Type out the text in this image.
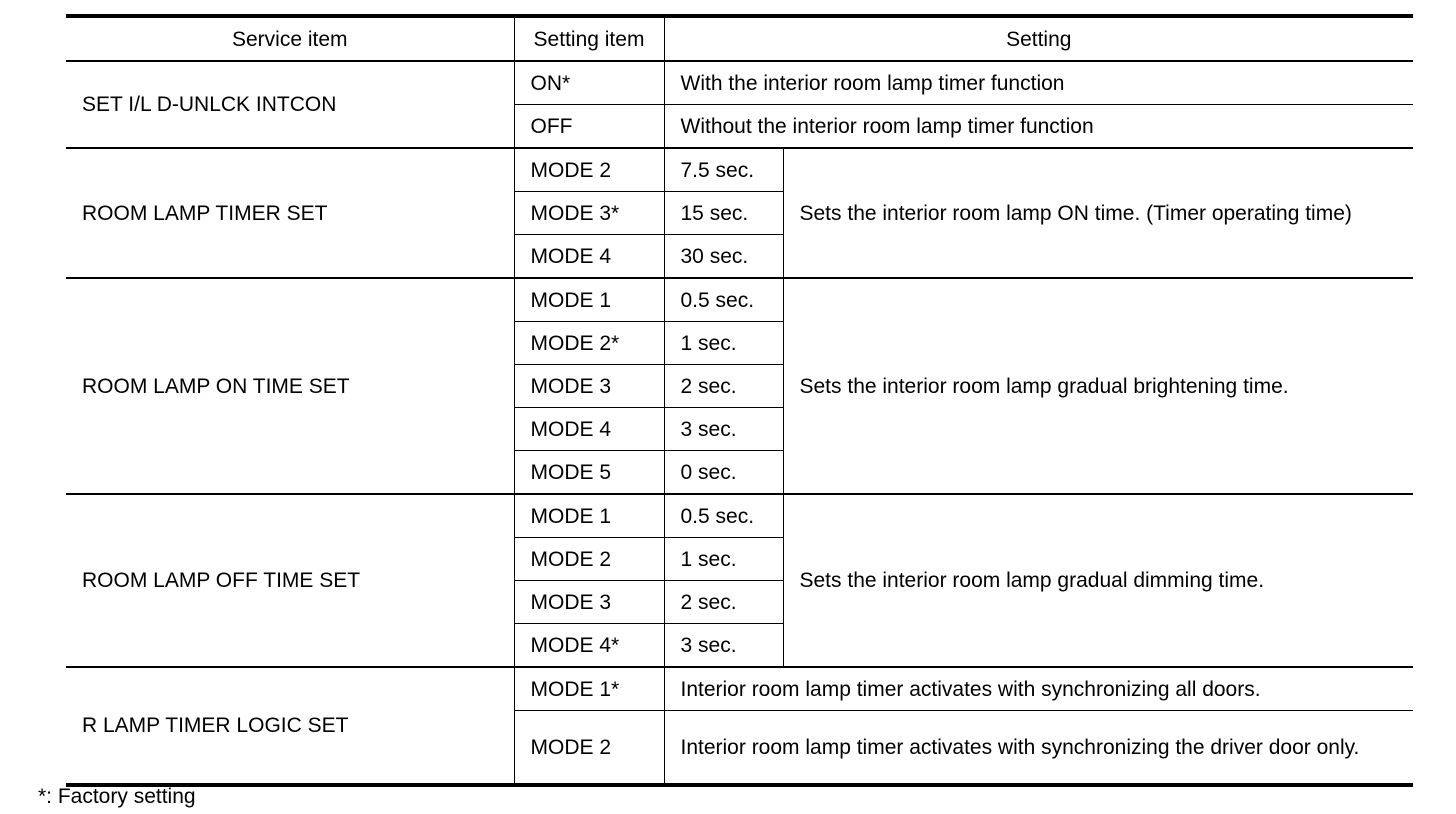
Service item	Setting item	Setting	
SET I/L D-UNLCK INTCON	ON*	With the interior room lamp timer function	
	OFF	Without the interior room lamp timer function	
ROOM LAMP TIMER SET	MODE 2	7.5 sec.	Sets the interior room lamp ON time. (Timer operating time)
	MODE 3*	15 sec.	
	MODE 4	30 sec.	
ROOM LAMP ON TIME SET	MODE 1	0.5 sec.	Sets the interior room lamp gradual brightening time.
	MODE 2*	1 sec.	
	MODE 3	2 sec.	
	MODE 4	3 sec.	
	MODE 5	0 sec.	
ROOM LAMP OFF TIME SET	MODE 1	0.5 sec.	Sets the interior room lamp gradual dimming time.
	MODE 2	1 sec.	
	MODE 3	2 sec.	
	MODE 4*	3 sec.	
R LAMP TIMER LOGIC SET	MODE 1*	Interior room lamp timer activates with synchronizing all doors.	
	MODE 2	Interior room lamp timer activates with synchronizing the driver door only.	
*: Factory setting
